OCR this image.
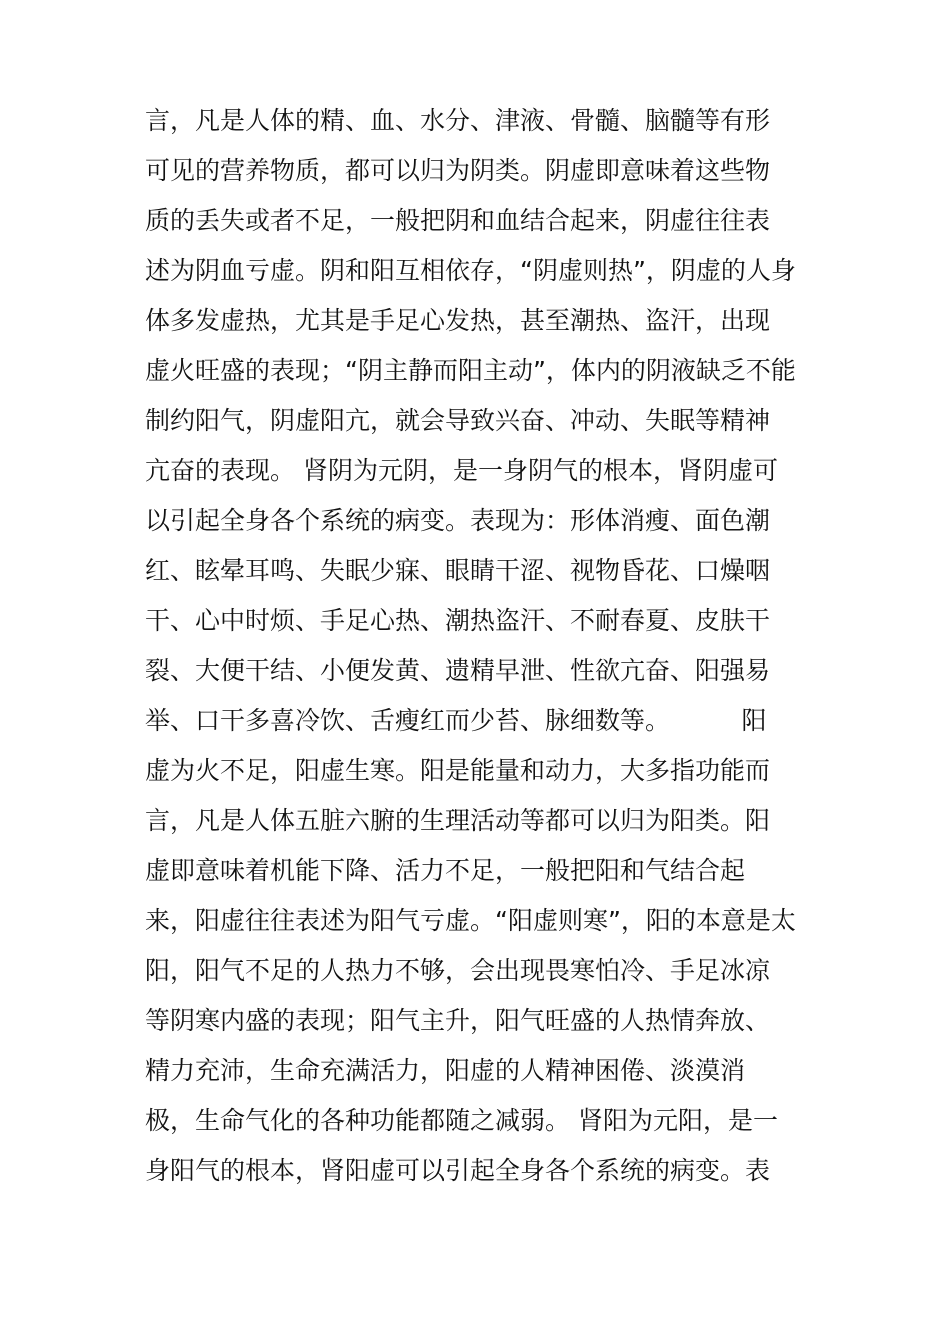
言，凡是人体的精、血、水分、津液、骨髓、脑髓等有形
可见的营养物质，都可以归为阴类。阴虚即意味着这些物
质的丢失或者不足，一般把阴和血结合起来，阴虚往往表
述为阴血亏虚。阴和阳互相依存，“阴虚则热”，阴虚的人身
体多发虚热，尤其是手足心发热，甚至潮热、盗汗，出现
虚火旺盛的表现；“阴主静而阳主动”，体内的阴液缺乏不能
制约阳气，阴虚阳亢，就会导致兴奋、冲动、失眠等精神
亢奋的表现。 肾阴为元阴，是一身阴气的根本，肾阴虚可
以引起全身各个系统的病变。表现为：形体消瘦、面色潮
红、眩晕耳鸣、失眠少寐、眼睛干涩、视物昏花、口燥咽
干、心中时烦、手足心热、潮热盗汗、不耐春夏、皮肤干
裂、大便干结、小便发黄、遗精早泄、性欲亢奋、阳强易
举、口干多喜冷饮、舌瘦红而少苔、脉细数等。         阳
虚为火不足，阳虚生寒。阳是能量和动力，大多指功能而
言，凡是人体五脏六腑的生理活动等都可以归为阳类。阳
虚即意味着机能下降、活力不足，一般把阳和气结合起
来，阳虚往往表述为阳气亏虚。“阳虚则寒”，阳的本意是太
阳，阳气不足的人热力不够，会出现畏寒怕冷、手足冰凉
等阴寒内盛的表现；阳气主升，阳气旺盛的人热情奔放、
精力充沛，生命充满活力，阳虚的人精神困倦、淡漠消
极，生命气化的各种功能都随之减弱。 肾阳为元阳，是一
身阳气的根本，肾阳虚可以引起全身各个系统的病变。表
